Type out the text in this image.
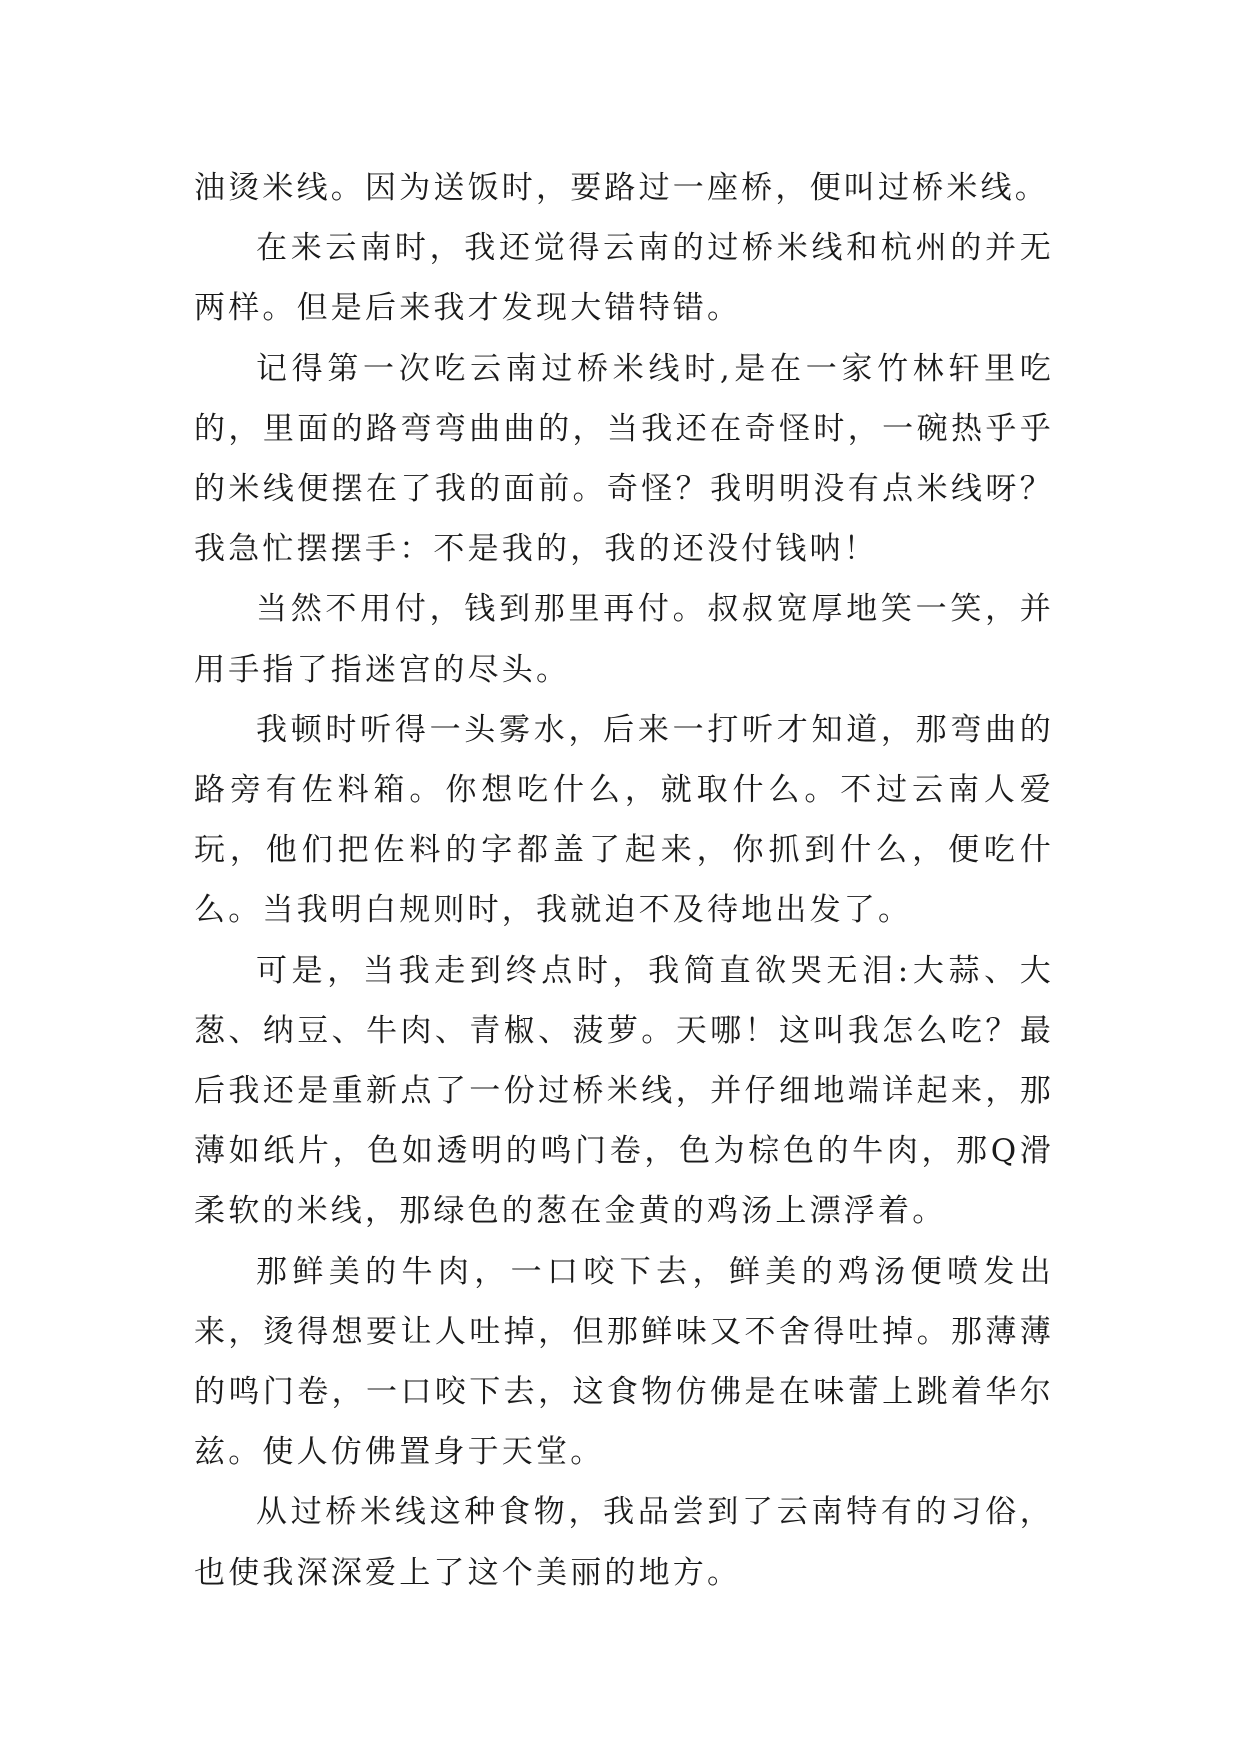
油烫米线。因为送饭时，要路过一座桥，便叫过桥米线。

在来云南时，我还觉得云南的过桥米线和杭州的并无两样。但是后来我才发现大错特错。

记得第一次吃云南过桥米线时,是在一家竹林轩里吃的，里面的路弯弯曲曲的，当我还在奇怪时，一碗热乎乎的米线便摆在了我的面前。奇怪？我明明没有点米线呀？我急忙摆摆手：不是我的，我的还没付钱呐！

当然不用付，钱到那里再付。叔叔宽厚地笑一笑，并用手指了指迷宫的尽头。

我顿时听得一头雾水，后来一打听才知道，那弯曲的路旁有佐料箱。你想吃什么，就取什么。不过云南人爱玩，他们把佐料的字都盖了起来，你抓到什么，便吃什么。当我明白规则时，我就迫不及待地出发了。

可是，当我走到终点时，我简直欲哭无泪:大蒜、大葱、纳豆、牛肉、青椒、菠萝。天哪！这叫我怎么吃？最后我还是重新点了一份过桥米线，并仔细地端详起来，那薄如纸片，色如透明的鸣门卷，色为棕色的牛肉，那Q滑柔软的米线，那绿色的葱在金黄的鸡汤上漂浮着。

那鲜美的牛肉，一口咬下去，鲜美的鸡汤便喷发出来，烫得想要让人吐掉，但那鲜味又不舍得吐掉。那薄薄的鸣门卷，一口咬下去，这食物仿佛是在味蕾上跳着华尔兹。使人仿佛置身于天堂。

从过桥米线这种食物，我品尝到了云南特有的习俗，也使我深深爱上了这个美丽的地方。
